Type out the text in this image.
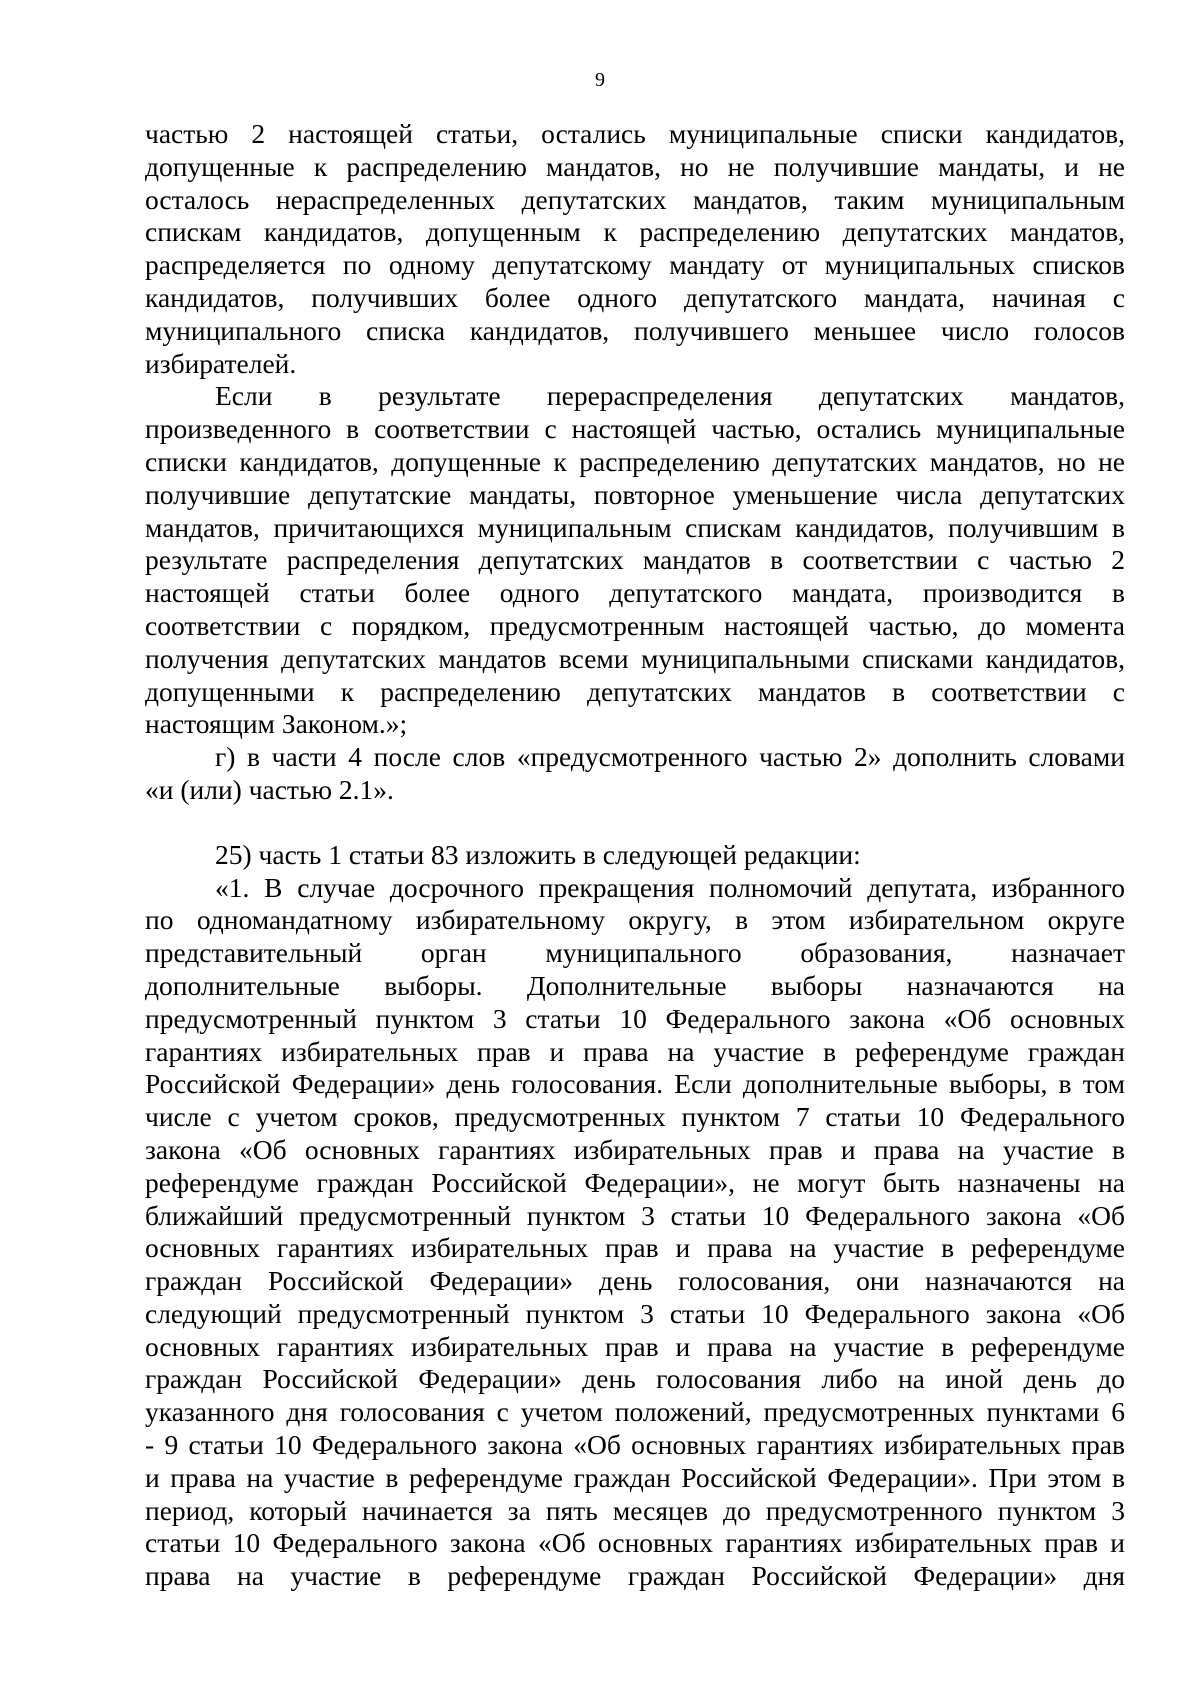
9
частью 2 настоящей статьи, остались муниципальные списки кандидатов,
допущенные к распределению мандатов, но не получившие мандаты, и не
осталось нераспределенных депутатских мандатов, таким муниципальным
спискам кандидатов, допущенным к распределению депутатских мандатов,
распределяется по одному депутатскому мандату от муниципальных списков
кандидатов, получивших более одного депутатского мандата, начиная с
муниципального списка кандидатов, получившего меньшее число голосов
избирателей.
Если в результате перераспределения депутатских мандатов,
произведенного в соответствии с настоящей частью, остались муниципальные
списки кандидатов, допущенные к распределению депутатских мандатов, но не
получившие депутатские мандаты, повторное уменьшение числа депутатских
мандатов, причитающихся муниципальным спискам кандидатов, получившим в
результате распределения депутатских мандатов в соответствии с частью 2
настоящей статьи более одного депутатского мандата, производится в
соответствии с порядком, предусмотренным настоящей частью, до момента
получения депутатских мандатов всеми муниципальными списками кандидатов,
допущенными к распределению депутатских мандатов в соответствии с
настоящим Законом.»;
г) в части 4 после слов «предусмотренного частью 2» дополнить словами
«и (или) частью 2.1».
25) часть 1 статьи 83 изложить в следующей редакции:
«1. В случае досрочного прекращения полномочий депутата, избранного
по одномандатному избирательному округу, в этом избирательном округе
представительный орган муниципального образования, назначает
дополнительные выборы. Дополнительные выборы назначаются на
предусмотренный пунктом 3 статьи 10 Федерального закона «Об основных
гарантиях избирательных прав и права на участие в референдуме граждан
Российской Федерации» день голосования. Если дополнительные выборы, в том
числе с учетом сроков, предусмотренных пунктом 7 статьи 10 Федерального
закона «Об основных гарантиях избирательных прав и права на участие в
референдуме граждан Российской Федерации», не могут быть назначены на
ближайший предусмотренный пунктом 3 статьи 10 Федерального закона «Об
основных гарантиях избирательных прав и права на участие в референдуме
граждан Российской Федерации» день голосования, они назначаются на
следующий предусмотренный пунктом 3 статьи 10 Федерального закона «Об
основных гарантиях избирательных прав и права на участие в референдуме
граждан Российской Федерации» день голосования либо на иной день до
указанного дня голосования с учетом положений, предусмотренных пунктами 6
- 9 статьи 10 Федерального закона «Об основных гарантиях избирательных прав
и права на участие в референдуме граждан Российской Федерации». При этом в
период, который начинается за пять месяцев до предусмотренного пунктом 3
статьи 10 Федерального закона «Об основных гарантиях избирательных прав и
права на участие в референдуме граждан Российской Федерации» дня
